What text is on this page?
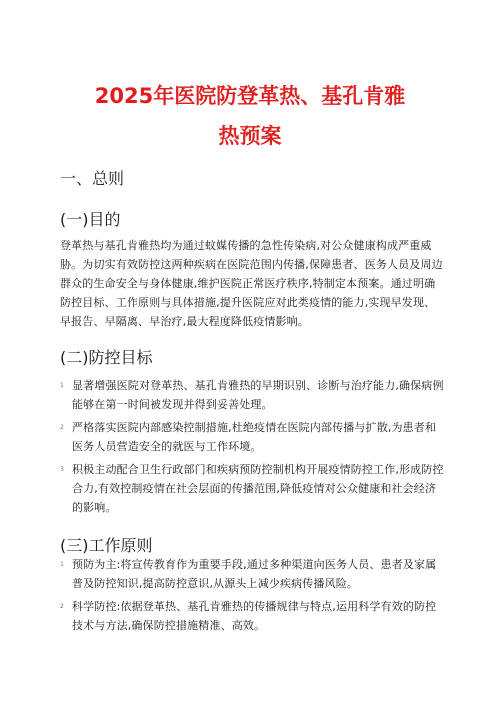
2025年医院防登革热、基孔肯雅
热预案
一、总则
(一)目的

登革热与基孔肯雅热均为通过蚊媒传播的急性传染病,对公众健康构成严重威胁。为切实有效防控这两种疾病在医院范围内传播,保障患者、医务人员及周边群众的生命安全与身体健康,维护医院正常医疗秩序,特制定本预案。通过明确防控目标、工作原则与具体措施,提升医院应对此类疫情的能力,实现早发现、早报告、早隔离、早治疗,最大程度降低疫情影响。

(二)防控目标
1 显著增强医院对登革热、基孔肯雅热的早期识别、诊断与治疗能力,确保病例能够在第一时间被发现并得到妥善处理。
2 严格落实医院内部感染控制措施,杜绝疫情在医院内部传播与扩散,为患者和医务人员营造安全的就医与工作环境。
3 积极主动配合卫生行政部门和疾病预防控制机构开展疫情防控工作,形成防控合力,有效控制疫情在社会层面的传播范围,降低疫情对公众健康和社会经济的影响。
(三)工作原则
1 预防为主:将宣传教育作为重要手段,通过多种渠道向医务人员、患者及家属普及防控知识,提高防控意识,从源头上减少疾病传播风险。
2 科学防控:依据登革热、基孔肯雅热的传播规律与特点,运用科学有效的防控技术与方法,确保防控措施精准、高效。
